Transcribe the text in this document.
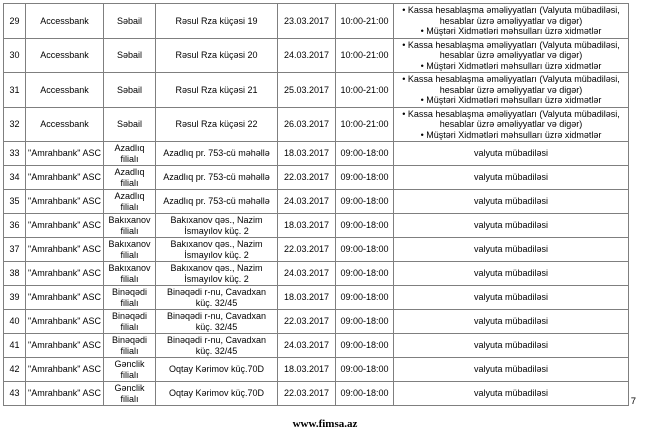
29	Accessbank	Səbail	Rəsul Rza küçəsi 19	23.03.2017	10:00-21:00	• Kassa hesablaşma əməliyyatları (Valyuta mübadiləsi, hesablar üzrə əməliyyatlar və digər)
• Müştəri Xidmətləri məhsulları üzrə xidmətlər

30	Accessbank	Səbail	Rəsul Rza küçəsi 20	24.03.2017	10:00-21:00	• Kassa hesablaşma əməliyyatları (Valyuta mübadiləsi, hesablar üzrə əməliyyatlar və digər)
• Müştəri Xidmətləri məhsulları üzrə xidmətlər

31	Accessbank	Səbail	Rəsul Rza küçəsi 21	25.03.2017	10:00-21:00	• Kassa hesablaşma əməliyyatları (Valyuta mübadiləsi, hesablar üzrə əməliyyatlar və digər)
• Müştəri Xidmətləri məhsulları üzrə xidmətlər

32	Accessbank	Səbail	Rəsul Rza küçəsi 22	26.03.2017	10:00-21:00	• Kassa hesablaşma əməliyyatları (Valyuta mübadiləsi, hesablar üzrə əməliyyatlar və digər)
• Müştəri Xidmətləri məhsulları üzrə xidmətlər

33	"Amrahbank" ASC	Azadlıq filialı	Azadlıq pr. 753-cü məhəllə	18.03.2017	09:00-18:00	valyuta mübadiləsi
34	"Amrahbank" ASC	Azadlıq filialı	Azadlıq pr. 753-cü məhəllə	22.03.2017	09:00-18:00	valyuta mübadiləsi
35	"Amrahbank" ASC	Azadlıq filialı	Azadlıq pr. 753-cü məhəllə	24.03.2017	09:00-18:00	valyuta mübadiləsi
36	"Amrahbank" ASC	Bakıxanov filialı	Bakıxanov qəs., Nazim İsmayılov küç. 2	18.03.2017	09:00-18:00	valyuta mübadiləsi
37	"Amrahbank" ASC	Bakıxanov filialı	Bakıxanov qəs., Nazim İsmayılov küç. 2	22.03.2017	09:00-18:00	valyuta mübadiləsi
38	"Amrahbank" ASC	Bakıxanov filialı	Bakıxanov qəs., Nazim İsmayılov küç. 2	24.03.2017	09:00-18:00	valyuta mübadiləsi
39	"Amrahbank" ASC	Binəqədi filialı	Binəqədi r-nu, Cavadxan küç. 32/45	18.03.2017	09:00-18:00	valyuta mübadiləsi
40	"Amrahbank" ASC	Binəqədi filialı	Binəqədi r-nu, Cavadxan küç. 32/45	22.03.2017	09:00-18:00	valyuta mübadiləsi
41	"Amrahbank" ASC	Binəqədi filialı	Binəqədi r-nu, Cavadxan küç. 32/45	24.03.2017	09:00-18:00	valyuta mübadiləsi
42	"Amrahbank" ASC	Gənclik filialı	Oqtay Kərimov küç.70D	18.03.2017	09:00-18:00	valyuta mübadiləsi
43	"Amrahbank" ASC	Gənclik filialı	Oqtay Kərimov küç.70D	22.03.2017	09:00-18:00	valyuta mübadiləsi
7
www.fimsa.az
